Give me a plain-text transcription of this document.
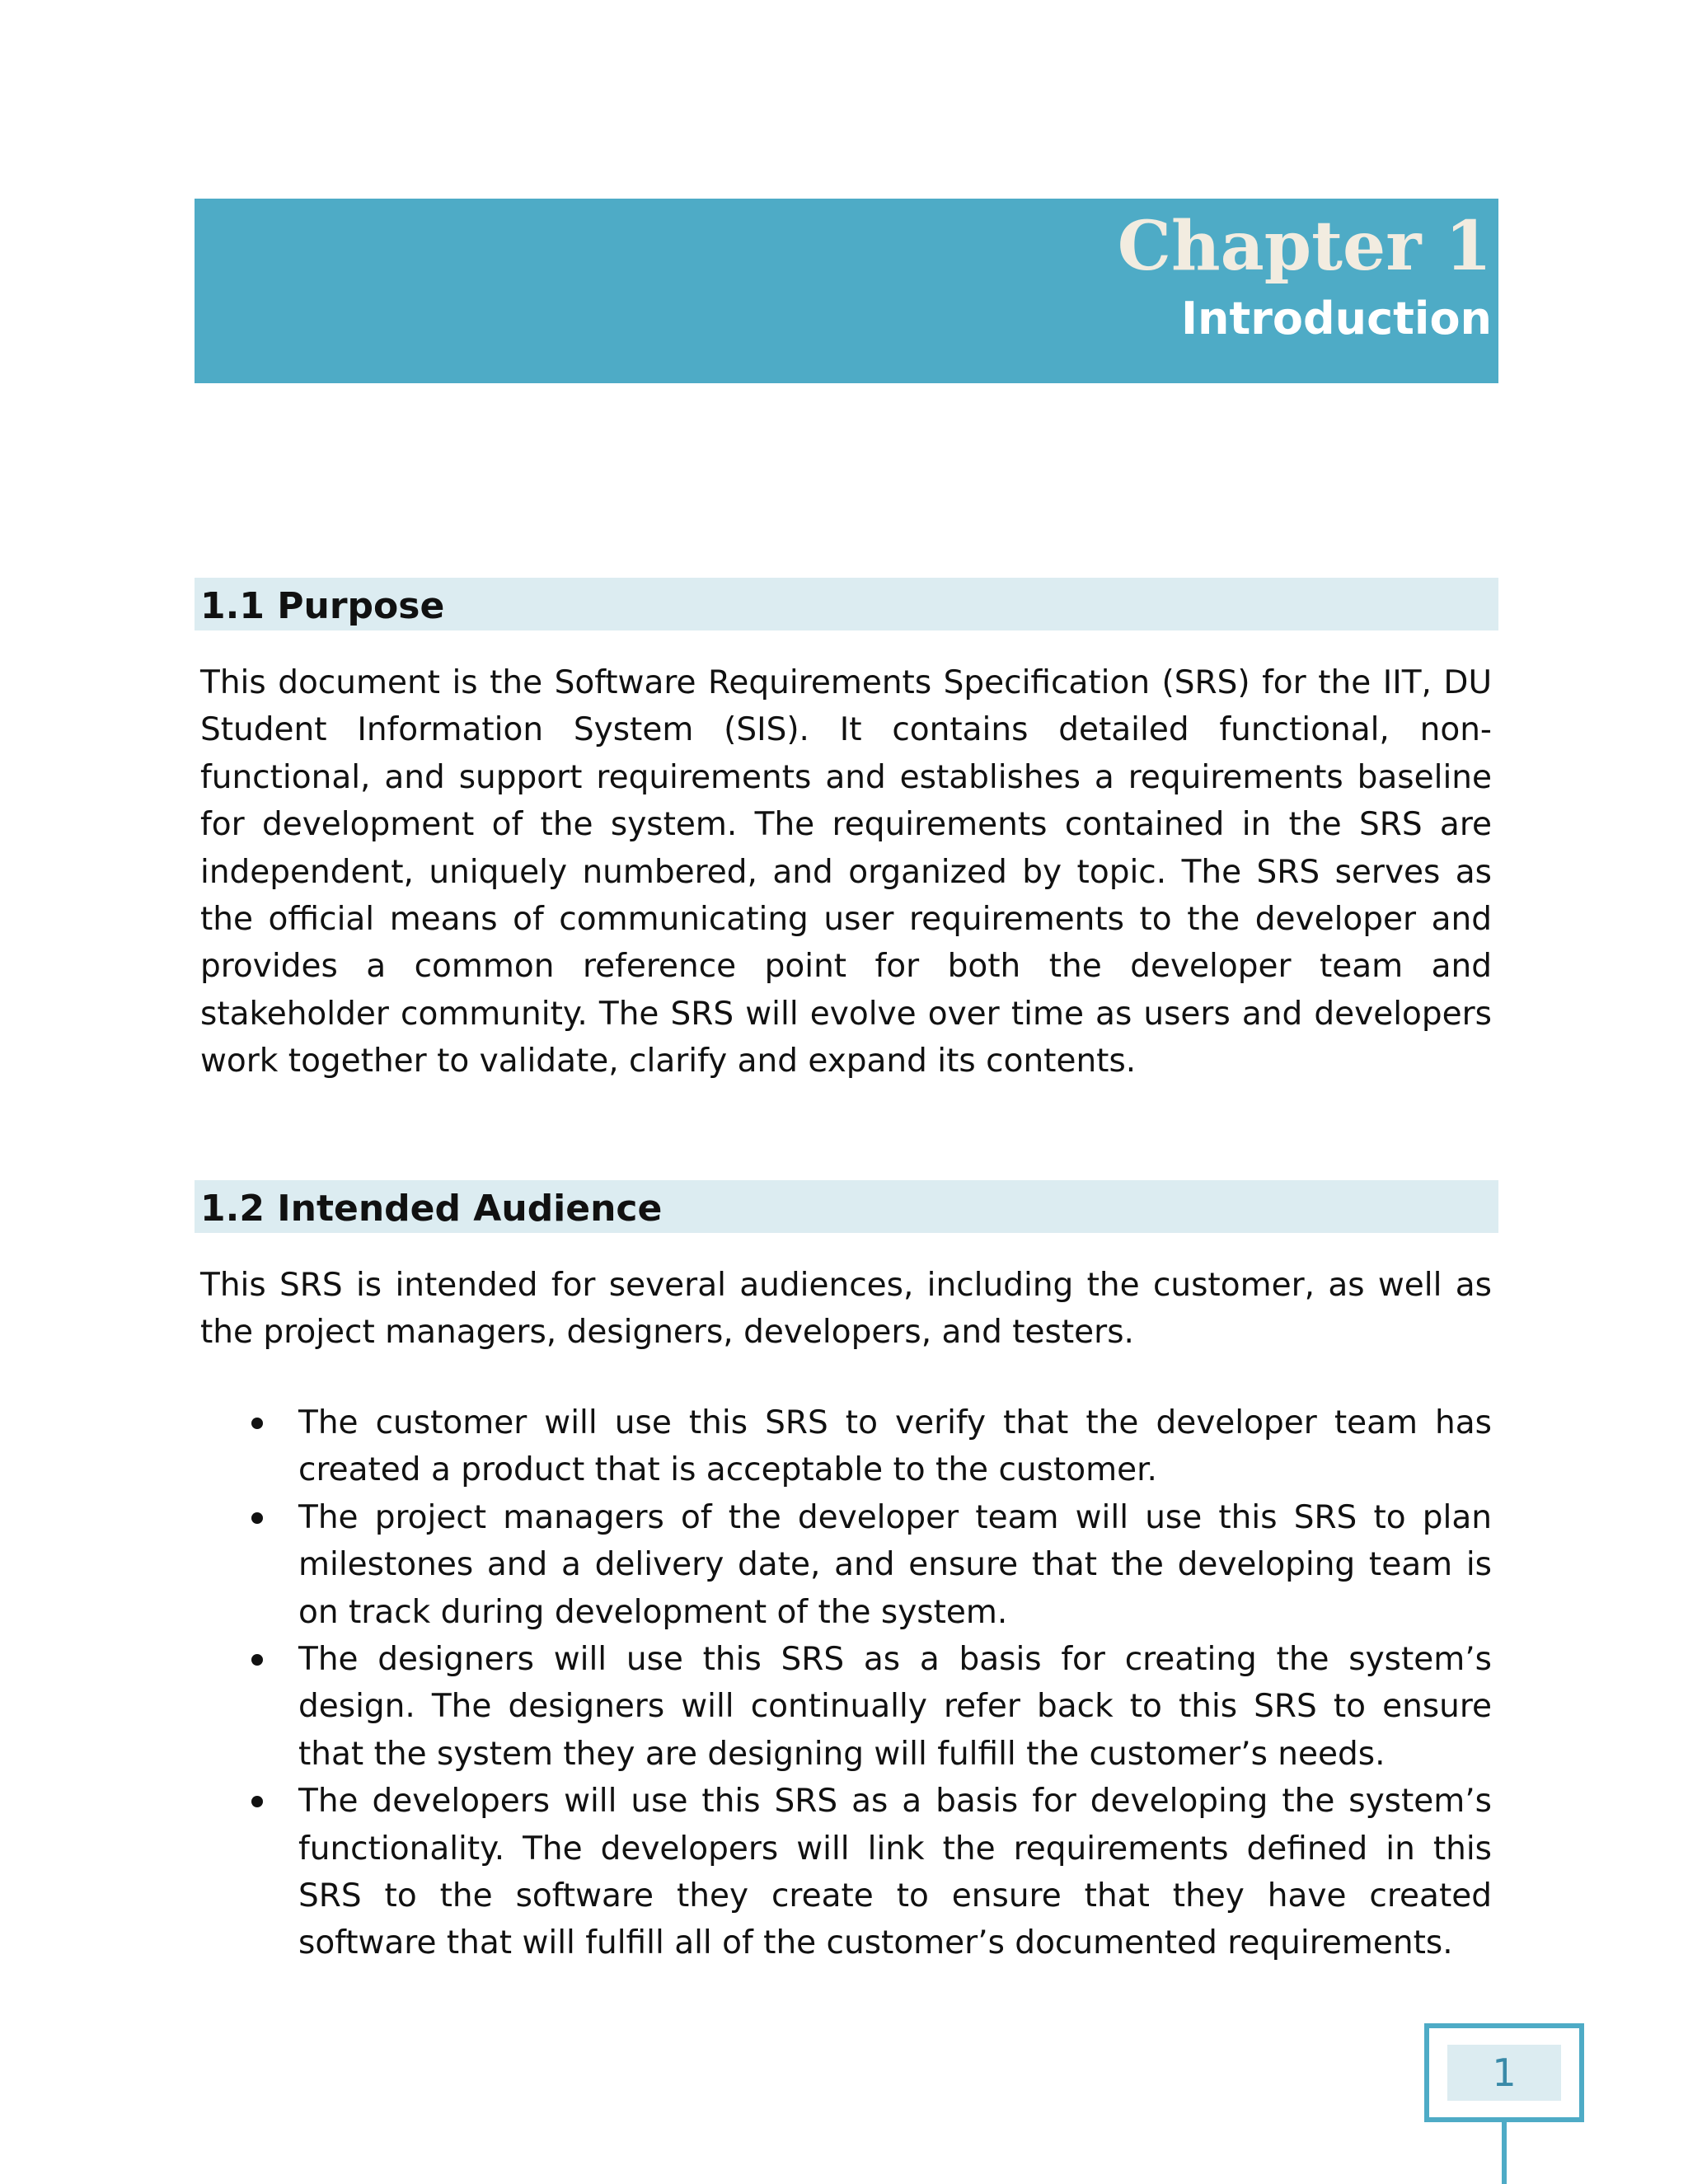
Chapter 1
Introduction
1.1 Purpose

This document is the Software Requirements Specification (SRS) for the IIT, DU Student Information System (SIS). It contains detailed functional, non-functional, and support requirements and establishes a requirements baseline for development of the system. The requirements contained in the SRS are independent, uniquely numbered, and organized by topic. The SRS serves as the official means of communicating user requirements to the developer and provides a common reference point for both the developer team and stakeholder community. The SRS will evolve over time as users and developers work together to validate, clarify and expand its contents.

1.2 Intended Audience

This SRS is intended for several audiences, including the customer, as well as the project managers, designers, developers, and testers.

The customer will use this SRS to verify that the developer team has created a product that is acceptable to the customer.
The project managers of the developer team will use this SRS to plan milestones and a delivery date, and ensure that the developing team is on track during development of the system.
The designers will use this SRS as a basis for creating the system’s design. The designers will continually refer back to this SRS to ensure that the system they are designing will fulfill the customer’s needs.
The developers will use this SRS as a basis for developing the system’s functionality. The developers will link the requirements defined in this SRS to the software they create to ensure that they have created software that will fulfill all of the customer’s documented requirements.
1
